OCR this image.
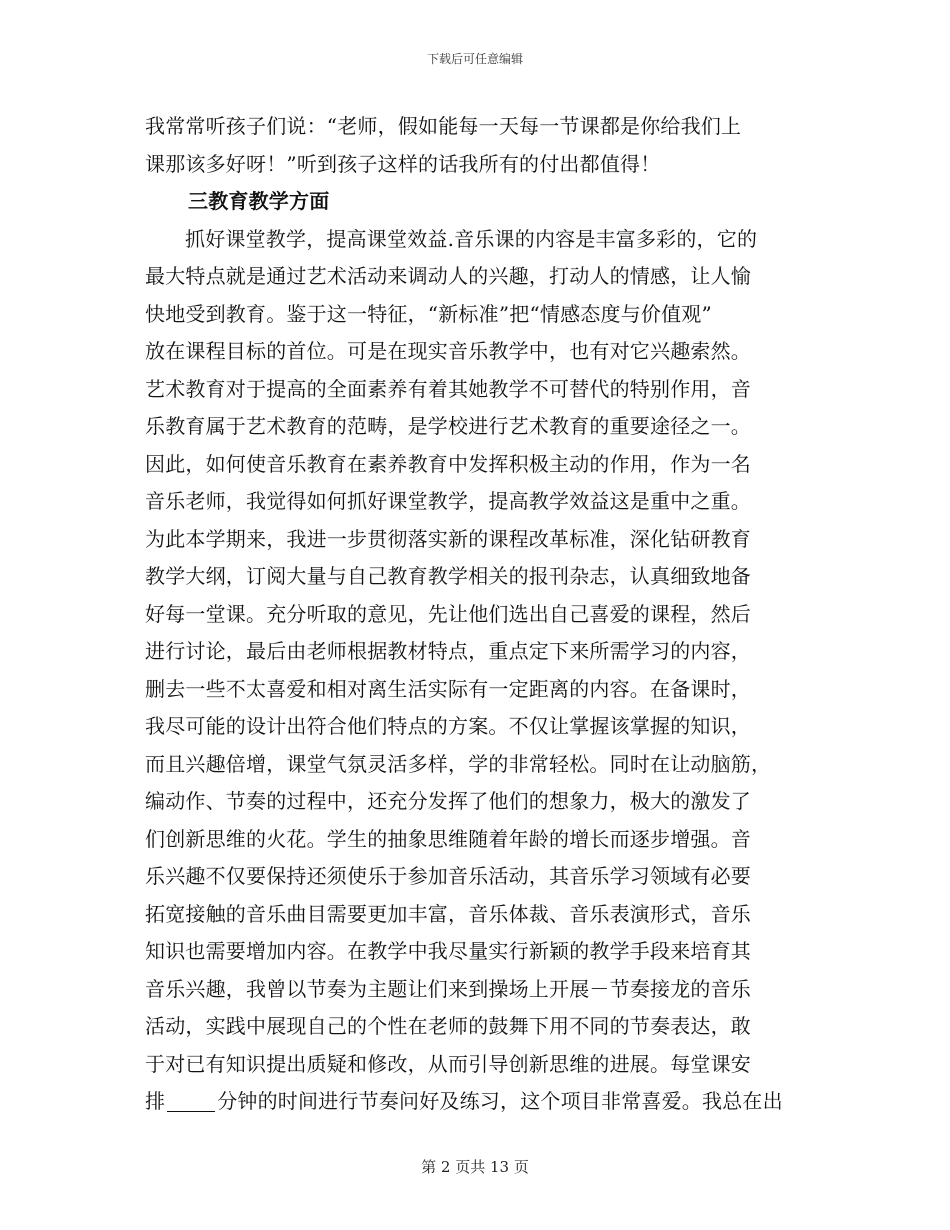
下载后可任意编辑
我常常听孩子们说：“老师，假如能每一天每一节课都是你给我们上
课那该多好呀！”听到孩子这样的话我所有的付出都值得！
三教育教学方面
抓好课堂教学，提高课堂效益.音乐课的内容是丰富多彩的，它的
最大特点就是通过艺术活动来调动人的兴趣，打动人的情感，让人愉
快地受到教育。鉴于这一特征，“新标准”把“情感态度与价值观”
放在课程目标的首位。可是在现实音乐教学中，也有对它兴趣索然。
艺术教育对于提高的全面素养有着其她教学不可替代的特别作用，音
乐教育属于艺术教育的范畴，是学校进行艺术教育的重要途径之一。
因此，如何使音乐教育在素养教育中发挥积极主动的作用，作为一名
音乐老师，我觉得如何抓好课堂教学，提高教学效益这是重中之重。
为此本学期来，我进一步贯彻落实新的课程改革标准，深化钻研教育
教学大纲，订阅大量与自己教育教学相关的报刊杂志，认真细致地备
好每一堂课。充分听取的意见，先让他们选出自己喜爱的课程，然后
进行讨论，最后由老师根据教材特点，重点定下来所需学习的内容，
删去一些不太喜爱和相对离生活实际有一定距离的内容。在备课时，
我尽可能的设计出符合他们特点的方案。不仅让掌握该掌握的知识，
而且兴趣倍增，课堂气氛灵活多样，学的非常轻松。同时在让动脑筋，
编动作、节奏的过程中，还充分发挥了他们的想象力，极大的激发了
们创新思维的火花。学生的抽象思维随着年龄的增长而逐步增强。音
乐兴趣不仅要保持还须使乐于参加音乐活动，其音乐学习领域有必要
拓宽接触的音乐曲目需要更加丰富，音乐体裁、音乐表演形式，音乐
知识也需要增加内容。在教学中我尽量实行新颖的教学手段来培育其
音乐兴趣，我曾以节奏为主题让们来到操场上开展－节奏接龙的音乐
活动，实践中展现自己的个性在老师的鼓舞下用不同的节奏表达，敢
于对已有知识提出质疑和修改，从而引导创新思维的进展。每堂课安
排	分钟的时间进行节奏问好及练习，这个项目非常喜爱。我总在出
第 2 页共 13 页
